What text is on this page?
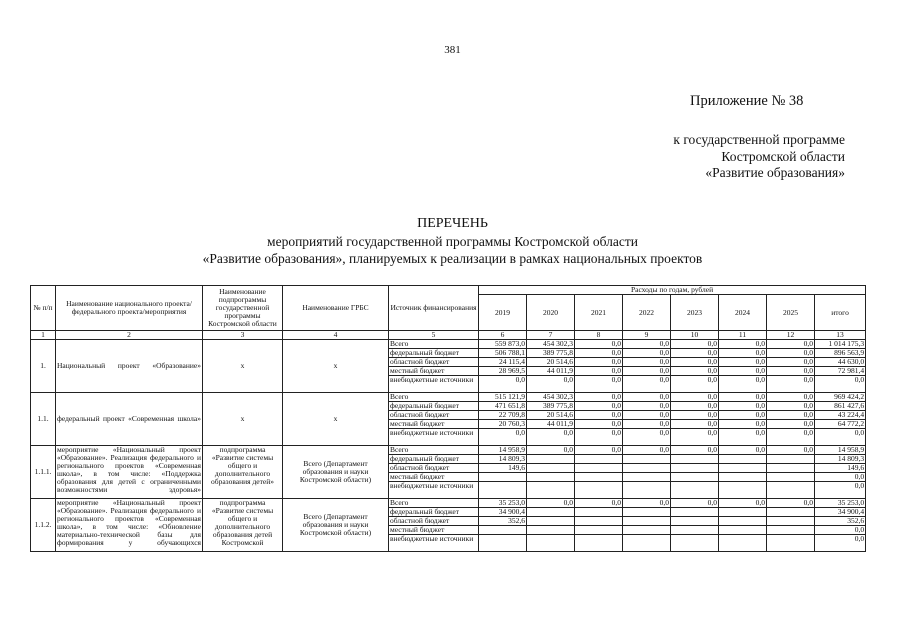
381
Приложение № 38
к государственной программе
Костромской области
«Развитие образования»
ПЕРЕЧЕНЬ
мероприятий государственной программы Костромской области
«Развитие образования», планируемых к реализации в рамках национальных проектов
№ п/п	Наименование национального проекта/федерального проекта/мероприятия	Наименование подпрограммы государственной программы Костромской области	Наименование ГРБС	Источник финансирования	Расходы по годам, рублей							
					2019	2020	2021	2022	2023	2024	2025	итого
1	2	3	4	5	6	7	8	9	10	11	12	13
1.	Национальный проект «Образование»	х	х	Всего	559 873,0	454 302,3	0,0	0,0	0,0	0,0	0,0	1 014 175,3
				федеральный бюджет	506 788,1	389 775,8	0,0	0,0	0,0	0,0	0,0	896 563,9
				областной бюджет	24 115,4	20 514,6	0,0	0,0	0,0	0,0	0,0	44 630,0
				местный бюджет	28 969,5	44 011,9	0,0	0,0	0,0	0,0	0,0	72 981,4
				внебюджетные источники	0,0	0,0	0,0	0,0	0,0	0,0	0,0	0,0
1.1.	федеральный проект «Современная школа»	х	х	Всего	515 121,9	454 302,3	0,0	0,0	0,0	0,0	0,0	969 424,2
				федеральный бюджет	471 651,8	389 775,8	0,0	0,0	0,0	0,0	0,0	861 427,6
				областной бюджет	22 709,8	20 514,6	0,0	0,0	0,0	0,0	0,0	43 224,4
				местный бюджет	20 760,3	44 011,9	0,0	0,0	0,0	0,0	0,0	64 772,2
				внебюджетные источники	0,0	0,0	0,0	0,0	0,0	0,0	0,0	0,0
1.1.1.	мероприятие «Национальный проект «Образование». Реализация федерального и регионального проектов «Современная школа», в том числе: «Поддержка образования для детей с ограниченными возможностями здоровья»	подпрограмма «Развитие системы общего и дополнительного образования детей»	Всего (Департамент образования и науки Костромской области)	Всего	14 958,9	0,0	0,0	0,0	0,0	0,0	0,0	14 958,9
				федеральный бюджет	14 809,3							14 809,3
				областной бюджет	149,6							149,6
				местный бюджет								0,0
				внебюджетные источники								0,0
1.1.2.	мероприятие «Национальный проект «Образование». Реализация федерального и регионального проектов «Современная школа», в том числе: «Обновление материально-технической базы для формирования у обучающихся	подпрограмма «Развитие системы общего и дополнительного образования детей Костромской	Всего (Департамент образования и науки Костромской области)	Всего	35 253,0	0,0	0,0	0,0	0,0	0,0	0,0	35 253,0
				федеральный бюджет	34 900,4							34 900,4
				областной бюджет	352,6							352,6
				местный бюджет								0,0
				внебюджетные источники								0,0
